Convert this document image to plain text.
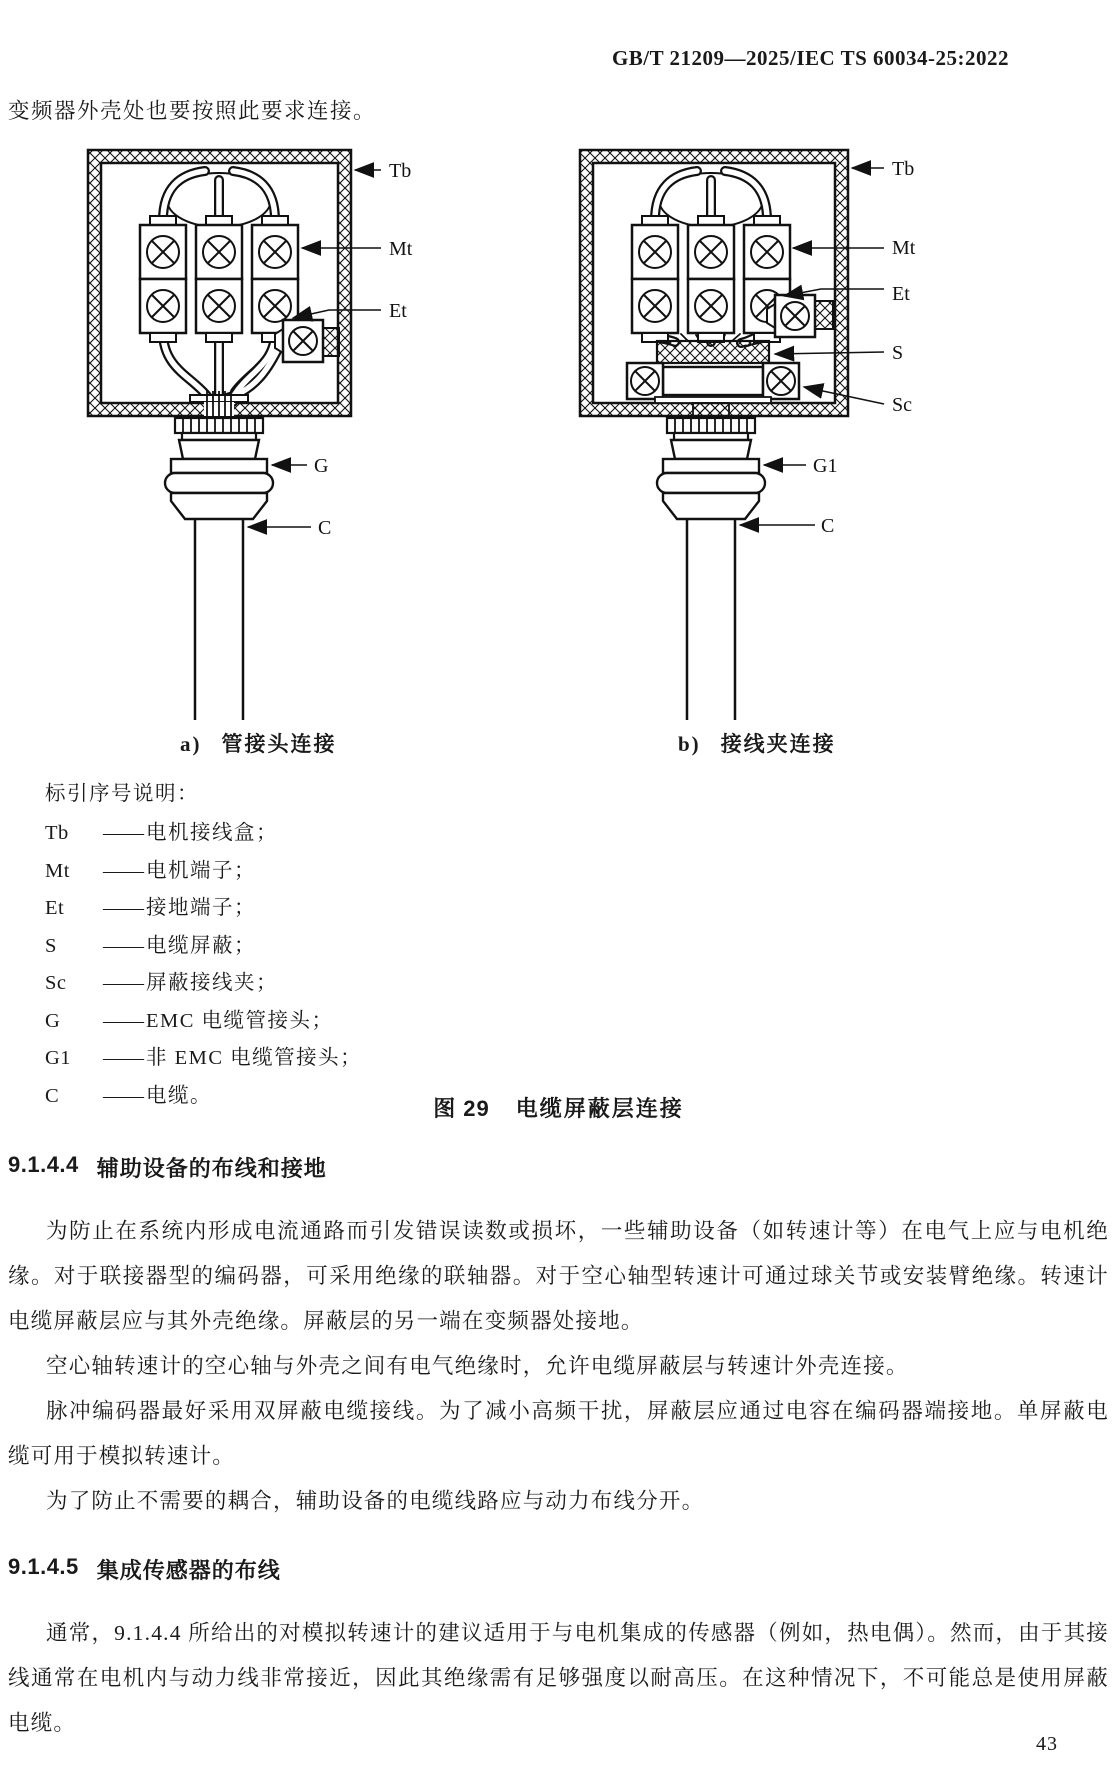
GB/T 21209—2025/IEC TS 60034-25:2022
变频器外壳处也要按照此要求连接。
Tb
Mt
Et
G
C
Tb
Mt
Et
S
Sc
G1
C
a) 管接头连接	b) 接线夹连接
标引序号说明：
Tb	—— 电机接线盒；
Mt	—— 电机端子；
Et	—— 接地端子；
S	—— 电缆屏蔽；
Sc	—— 屏蔽接线夹；
G	—— EMC 电缆管接头；
G1	—— 非 EMC 电缆管接头；
C	—— 电缆。
图 29 电缆屏蔽层连接
9.1.4.4 辅助设备的布线和接地

为防止在系统内形成电流通路而引发错误读数或损坏，一些辅助设备（如转速计等）在电气上应与电机绝缘。对于联接器型的编码器，可采用绝缘的联轴器。对于空心轴型转速计可通过球关节或安装臂绝缘。转速计电缆屏蔽层应与其外壳绝缘。屏蔽层的另一端在变频器处接地。

空心轴转速计的空心轴与外壳之间有电气绝缘时，允许电缆屏蔽层与转速计外壳连接。

脉冲编码器最好采用双屏蔽电缆接线。为了减小高频干扰，屏蔽层应通过电容在编码器端接地。单屏蔽电缆可用于模拟转速计。

为了防止不需要的耦合，辅助设备的电缆线路应与动力布线分开。

9.1.4.5 集成传感器的布线

通常，9.1.4.4 所给出的对模拟转速计的建议适用于与电机集成的传感器（例如，热电偶）。然而，由于其接线通常在电机内与动力线非常接近，因此其绝缘需有足够强度以耐高压。在这种情况下，不可能总是使用屏蔽电缆。

43
